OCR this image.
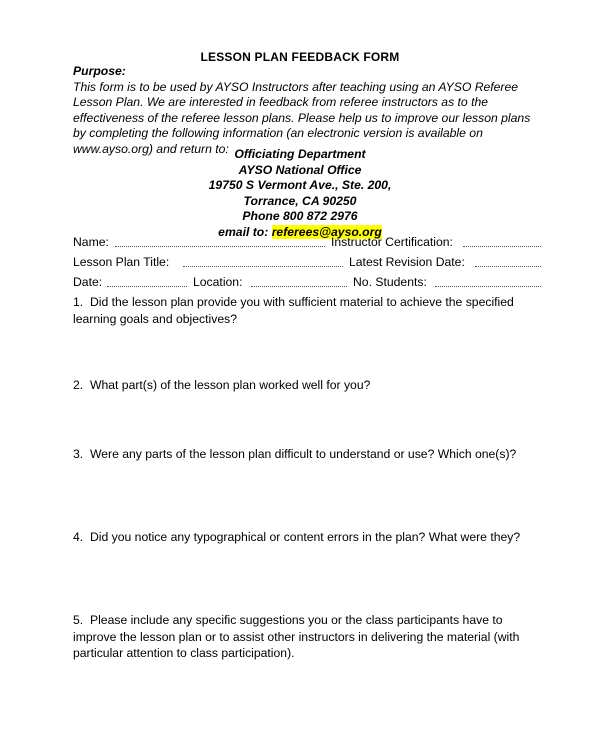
LESSON PLAN FEEDBACK FORM
Purpose:
This form is to be used by AYSO Instructors after teaching using an AYSO Referee Lesson Plan. We are interested in feedback from referee instructors as to the effectiveness of the referee lesson plans. Please help us to improve our lesson plans by completing the following information (an electronic version is available on www.ayso.org) and return to: Officiating Department
AYSO National Office
19750 S Vermont Ave., Ste. 200,
Torrance, CA 90250
Phone 800 872 2976
email to: referees@ayso.org
Name:	Instructor Certification:
Lesson Plan Title:	Latest Revision Date:
Date:	Location:	No. Students:
1. Did the lesson plan provide you with sufficient material to achieve the specified learning goals and objectives?
2. What part(s) of the lesson plan worked well for you?
3. Were any parts of the lesson plan difficult to understand or use? Which one(s)?
4. Did you notice any typographical or content errors in the plan? What were they?
5. Please include any specific suggestions you or the class participants have to improve the lesson plan or to assist other instructors in delivering the material (with particular attention to class participation).
